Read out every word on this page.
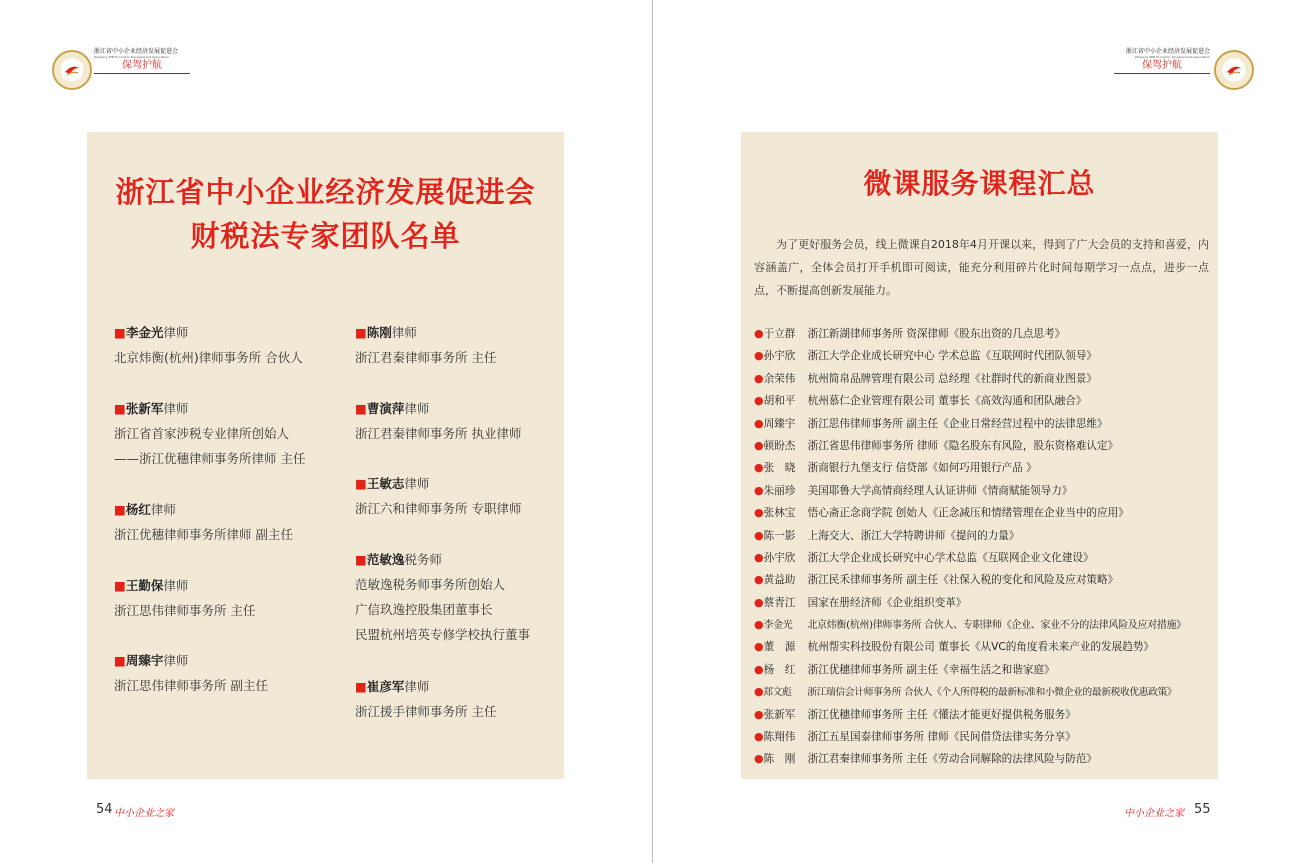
浙江省中小企业经济发展促进会
Zhejiang SME Economic Development Association
保驾护航
浙江省中小企业经济发展促进会
Zhejiang SME Economic Development Association
保驾护航
浙江省中小企业经济发展促进会
财税法专家团队名单
■李金光律师
北京炜衡(杭州)律师事务所 合伙人
■张新军律师
浙江省首家涉税专业律所创始人
——浙江优穗律师事务所律师 主任
■杨红律师
浙江优穗律师事务所律师 副主任
■王勤保律师
浙江思伟律师事务所 主任
■周臻宇律师
浙江思伟律师事务所 副主任
■陈刚律师
浙江君秦律师事务所 主任
■曹演萍律师
浙江君秦律师事务所 执业律师
■王敏志律师
浙江六和律师事务所 专职律师
■范敏逸税务师
范敏逸税务师事务所创始人
广信玖逸控股集团董事长
民盟杭州培英专修学校执行董事
■崔彦军律师
浙江援手律师事务所 主任
微课服务课程汇总
　　为了更好服务会员，线上微课自2018年4月开课以来，得到了广大会员的支持和喜爱，内容涵盖广，全体会员打开手机即可阅读，能充分利用碎片化时间每期学习一点点，进步一点点，不断提高创新发展能力。
●于立群 浙江新湖律师事务所 资深律师《股东出资的几点思考》
●孙宇欣 浙江大学企业成长研究中心 学术总监《互联网时代团队领导》
●余荣伟 杭州简帛品牌管理有限公司 总经理《社群时代的新商业图景》
●胡和平 杭州慕仁企业管理有限公司 董事长《高效沟通和团队融合》
●周臻宇 浙江思伟律师事务所 副主任《企业日常经营过程中的法律思维》
●顿盼杰 浙江省思伟律师事务所 律师《隐名股东有风险，股东资格难认定》
●张　晓 浙商银行九堡支行 信贷部《如何巧用银行产品 》
●朱丽珍 美国耶鲁大学高情商经理人认证讲师《情商赋能领导力》
●张林宝 悟心斋正念商学院 创始人《正念减压和情绪管理在企业当中的应用》
●陈一影 上海交大、浙江大学特聘讲师《提问的力量》
●孙宇欣 浙江大学企业成长研究中心学术总监《互联网企业文化建设》
●黄益助 浙江民禾律师事务所 副主任《社保入税的变化和风险及应对策略》
●蔡青江 国家在册经济师《企业组织变革》
●李金光 北京炜衡(杭州)律师事务所 合伙人、专职律师《企业、家业不分的法律风险及应对措施》
●董　源 杭州帮实科技股份有限公司 董事长《从VC的角度看未来产业的发展趋势》
●杨　红 浙江优穗律师事务所 副主任《幸福生活之和谐家庭》
●郑文彪 浙江瑞信会计师事务所 合伙人《个人所得税的最新标准和小微企业的最新税收优惠政策》
●张新军 浙江优穗律师事务所 主任《懂法才能更好提供税务服务》
●陈翔伟 浙江五星国泰律师事务所 律师《民间借贷法律实务分享》
●陈　刚 浙江君秦律师事务所 主任《劳动合同解除的法律风险与防范》
54 中小企业之家	中小企业之家 55
